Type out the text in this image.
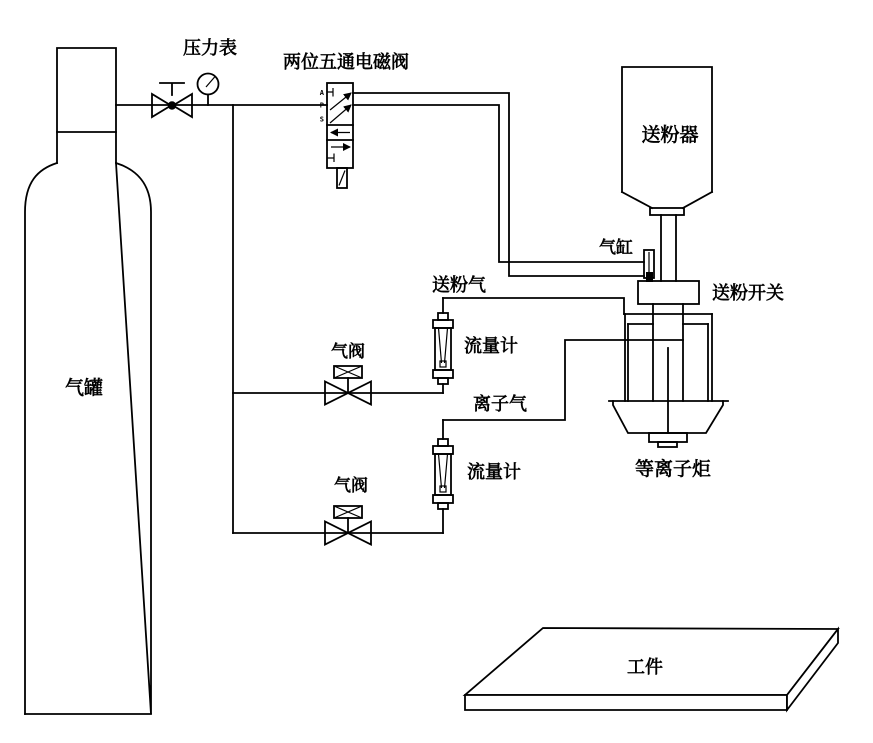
A
P
S
压力表
两位五通电磁阀
送粉器
气缸
送粉开关
送粉气
流量计
气阀
离子气
流量计
气阀
等离子炬
气罐
工件
